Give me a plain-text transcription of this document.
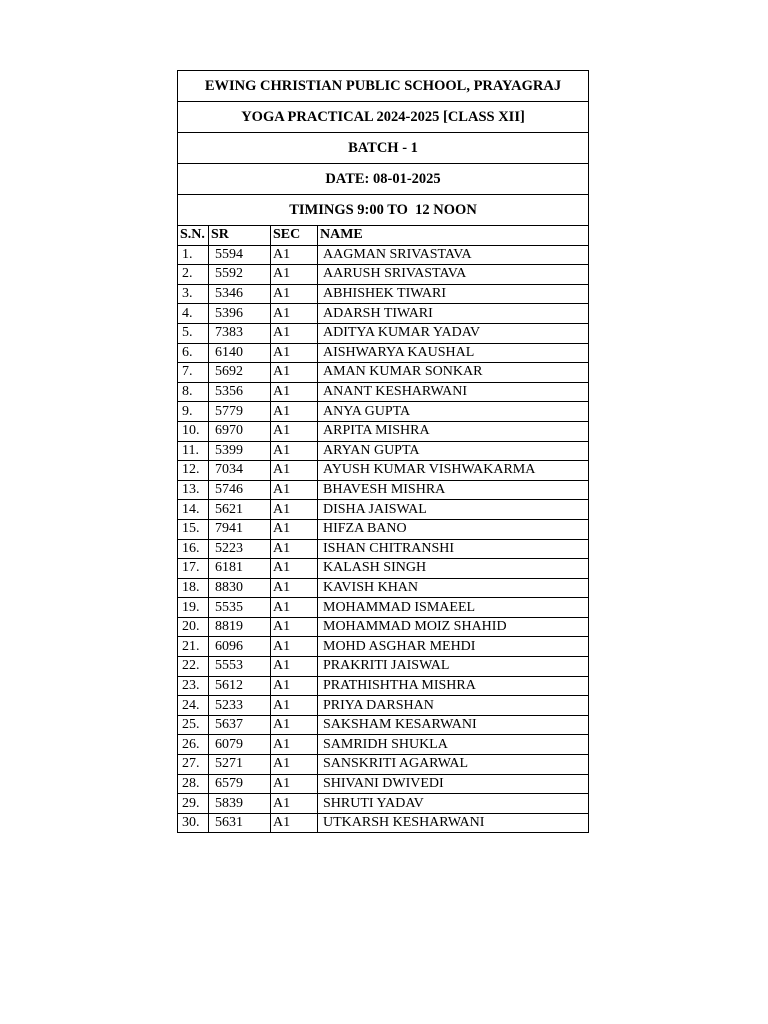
EWING CHRISTIAN PUBLIC SCHOOL, PRAYAGRAJ			
YOGA PRACTICAL 2024-2025 [CLASS XII]			
BATCH - 1			
DATE: 08-01-2025			
TIMINGS 9:00 TO  12 NOON			
S.N.	SR	SEC	NAME
1.	5594	A1	AAGMAN SRIVASTAVA
2.	5592	A1	AARUSH SRIVASTAVA
3.	5346	A1	ABHISHEK TIWARI
4.	5396	A1	ADARSH TIWARI
5.	7383	A1	ADITYA KUMAR YADAV
6.	6140	A1	AISHWARYA KAUSHAL
7.	5692	A1	AMAN KUMAR SONKAR
8.	5356	A1	ANANT KESHARWANI
9.	5779	A1	ANYA GUPTA
10.	6970	A1	ARPITA MISHRA
11.	5399	A1	ARYAN GUPTA
12.	7034	A1	AYUSH KUMAR VISHWAKARMA
13.	5746	A1	BHAVESH MISHRA
14.	5621	A1	DISHA JAISWAL
15.	7941	A1	HIFZA BANO
16.	5223	A1	ISHAN CHITRANSHI
17.	6181	A1	KALASH SINGH
18.	8830	A1	KAVISH KHAN
19.	5535	A1	MOHAMMAD ISMAEEL
20.	8819	A1	MOHAMMAD MOIZ SHAHID
21.	6096	A1	MOHD ASGHAR MEHDI
22.	5553	A1	PRAKRITI JAISWAL
23.	5612	A1	PRATHISHTHA MISHRA
24.	5233	A1	PRIYA DARSHAN
25.	5637	A1	SAKSHAM KESARWANI
26.	6079	A1	SAMRIDH SHUKLA
27.	5271	A1	SANSKRITI AGARWAL
28.	6579	A1	SHIVANI DWIVEDI
29.	5839	A1	SHRUTI YADAV
30.	5631	A1	UTKARSH KESHARWANI
